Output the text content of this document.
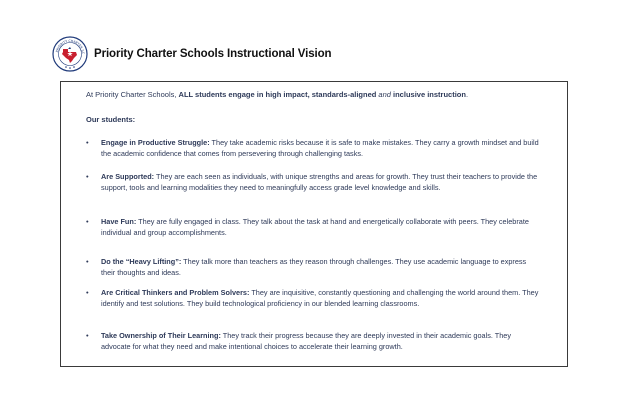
PRIORITY CHARTER SC Priority Charter Schools Instructional Vision
At Priority Charter Schools, ALL students engage in high impact, standards-aligned and inclusive instruction.
Our students:
• Engage in Productive Struggle: They take academic risks because it is safe to make mistakes. They carry a growth mindset and build the academic confidence that comes from persevering through challenging tasks.
• Are Supported: They are each seen as individuals, with unique strengths and areas for growth. They trust their teachers to provide the support, tools and learning modalities they need to meaningfully access grade level knowledge and skills.
• Have Fun: They are fully engaged in class. They talk about the task at hand and energetically collaborate with peers. They celebrate individual and group accomplishments.
• Do the “Heavy Lifting”: They talk more than teachers as they reason through challenges. They use academic language to express their thoughts and ideas.
• Are Critical Thinkers and Problem Solvers: They are inquisitive, constantly questioning and challenging the world around them. They identify and test solutions. They build technological proficiency in our blended learning classrooms.
• Take Ownership of Their Learning: They track their progress because they are deeply invested in their academic goals. They advocate for what they need and make intentional choices to accelerate their learning growth.
